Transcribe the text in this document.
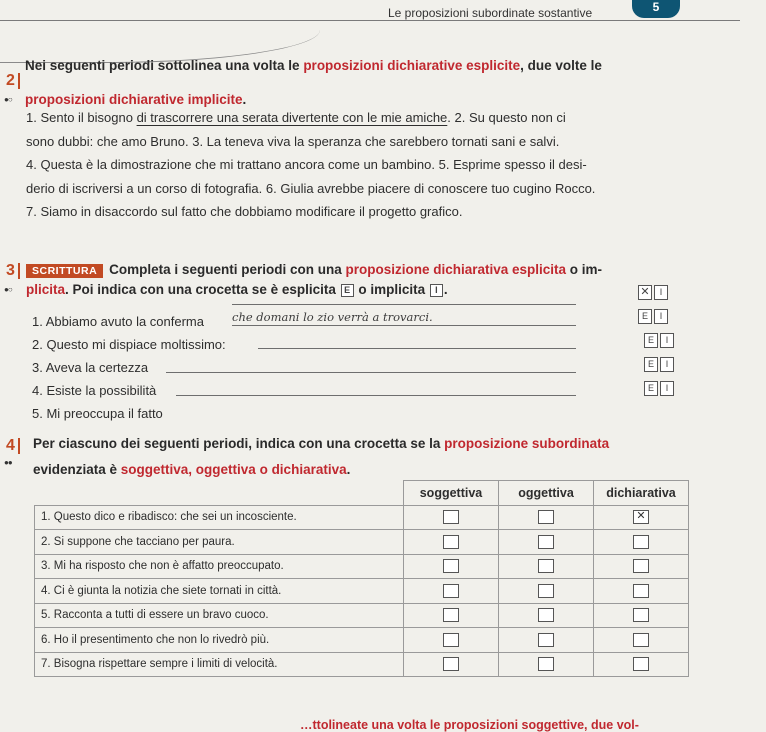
Le proposizioni subordinate sostantive	5
2
●○
Nei seguenti periodi sottolinea una volta le proposizioni dichiarative esplicite, due volte le
proposizioni dichiarative implicite.
1. Sento il bisogno di trascorrere una serata divertente con le mie amiche. 2. Su questo non ci
sono dubbi: che amo Bruno. 3. La teneva viva la speranza che sarebbero tornati sani e salvi.
4. Questa è la dimostrazione che mi trattano ancora come un bambino. 5. Esprime spesso il desi-
derio di iscriversi a un corso di fotografia. 6. Giulia avrebbe piacere di conoscere tuo cugino Rocco.
7. Siamo in disaccordo sul fatto che dobbiamo modificare il progetto grafico.
3
●○
SCRITTURA Completa i seguenti periodi con una proposizione dichiarativa esplicita o im-
plicita. Poi indica con una crocetta se è esplicita E o implicita I .
1. Abbiamo avuto la conferma che domani lo zio verrà a trovarci.
✕ I
2. Questo mi dispiace moltissimo:
E I
3. Aveva la certezza
E I
4. Esiste la possibilità
E I
5. Mi preoccupa il fatto
E I
4
●●
Per ciascuno dei seguenti periodi, indica con una crocetta se la proposizione subordinata
evidenziata è soggettiva, oggettiva o dichiarativa.
	soggettiva	oggettiva	dichiarativa
1. Questo dico e ribadisco: che sei un incosciente.			✕
2. Si suppone che tacciano per paura.			
3. Mi ha risposto che non è affatto preoccupato.			
4. Ci è giunta la notizia che siete tornati in città.			
5. Racconta a tutti di essere un bravo cuoco.			
6. Ho il presentimento che non lo rivedrò più.			
7. Bisogna rispettare sempre i limiti di velocità.			
…ttolineate una volta le proposizioni soggettive, due vol-
